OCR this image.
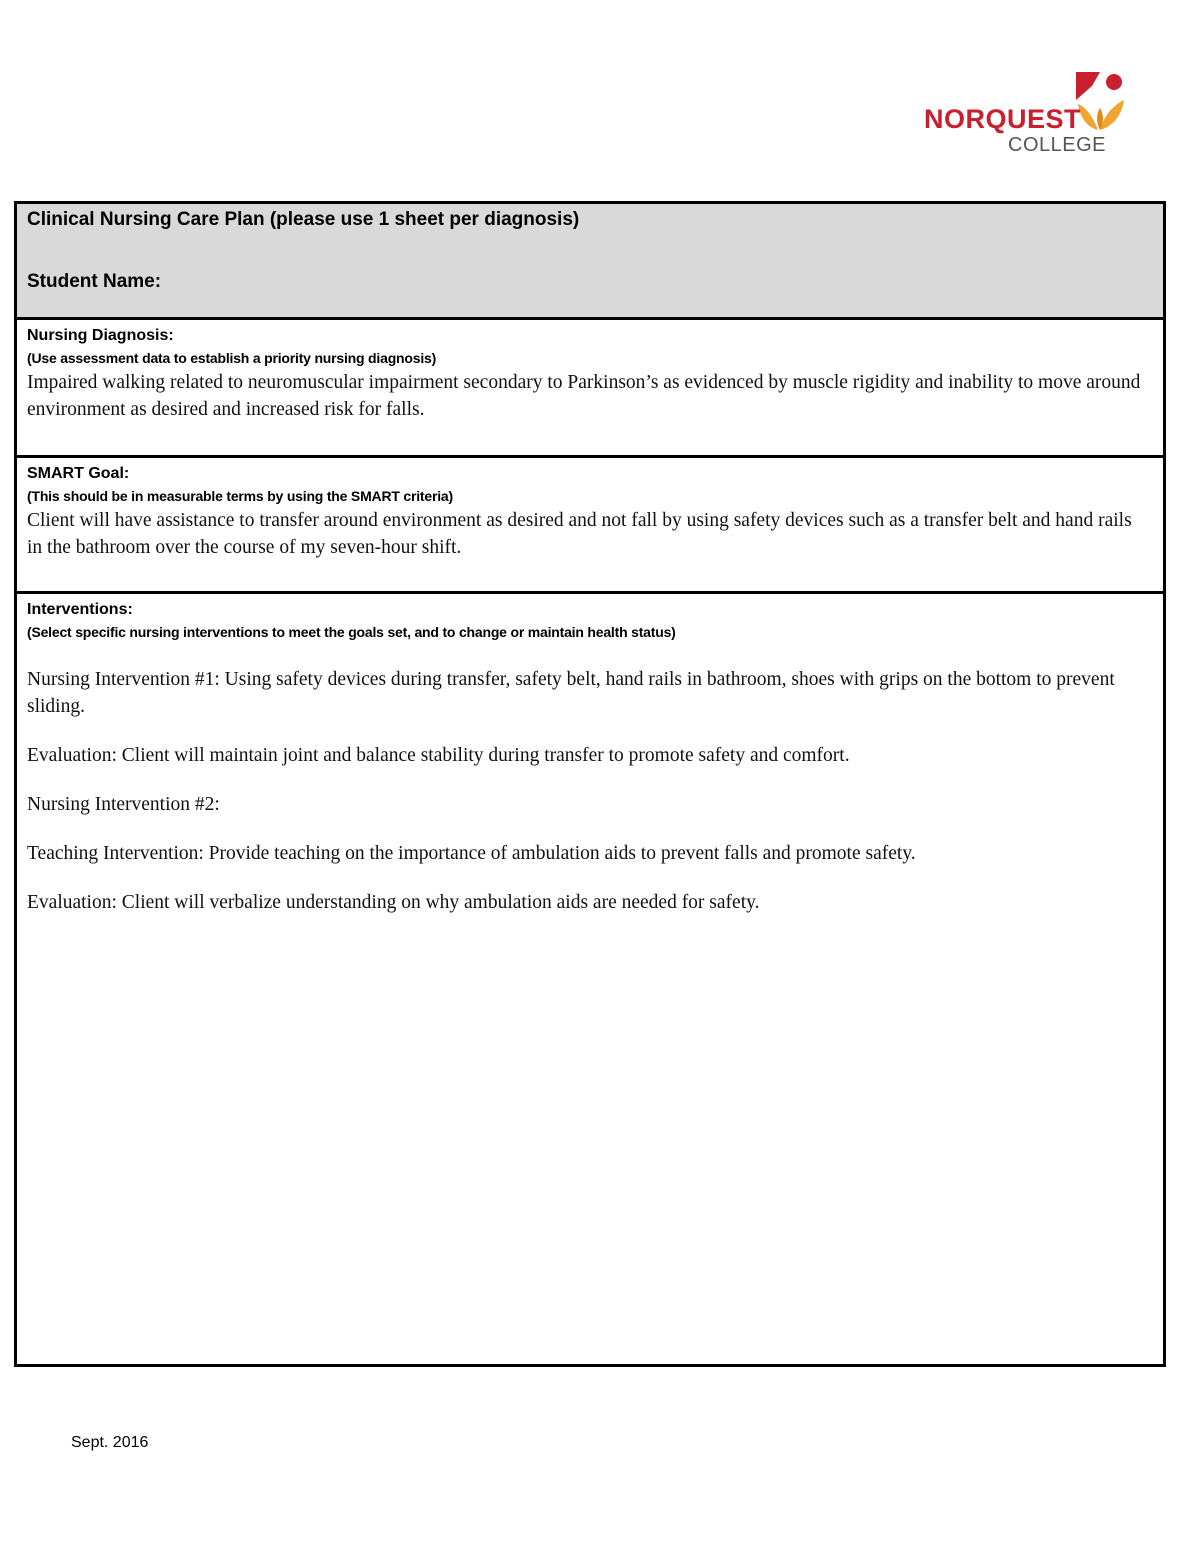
NORQUEST
COLLEGE
Clinical Nursing Care Plan (please use 1 sheet per diagnosis)
Student Name:
Nursing Diagnosis:
(Use assessment data to establish a priority nursing diagnosis)
Impaired walking related to neuromuscular impairment secondary to Parkinson’s as evidenced by muscle rigidity and inability to move around environment as desired and increased risk for falls.
SMART Goal:
(This should be in measurable terms by using the SMART criteria)
Client will have assistance to transfer around environment as desired and not fall by using safety devices such as a transfer belt and hand rails in the bathroom over the course of my seven-hour shift.
Interventions:
(Select specific nursing interventions to meet the goals set, and to change or maintain health status)
Nursing Intervention #1: Using safety devices during transfer, safety belt, hand rails in bathroom, shoes with grips on the bottom to prevent sliding.
Evaluation: Client will maintain joint and balance stability during transfer to promote safety and comfort.
Nursing Intervention #2:
Teaching Intervention: Provide teaching on the importance of ambulation aids to prevent falls and promote safety.
Evaluation: Client will verbalize understanding on why ambulation aids are needed for safety.
Sept. 2016
